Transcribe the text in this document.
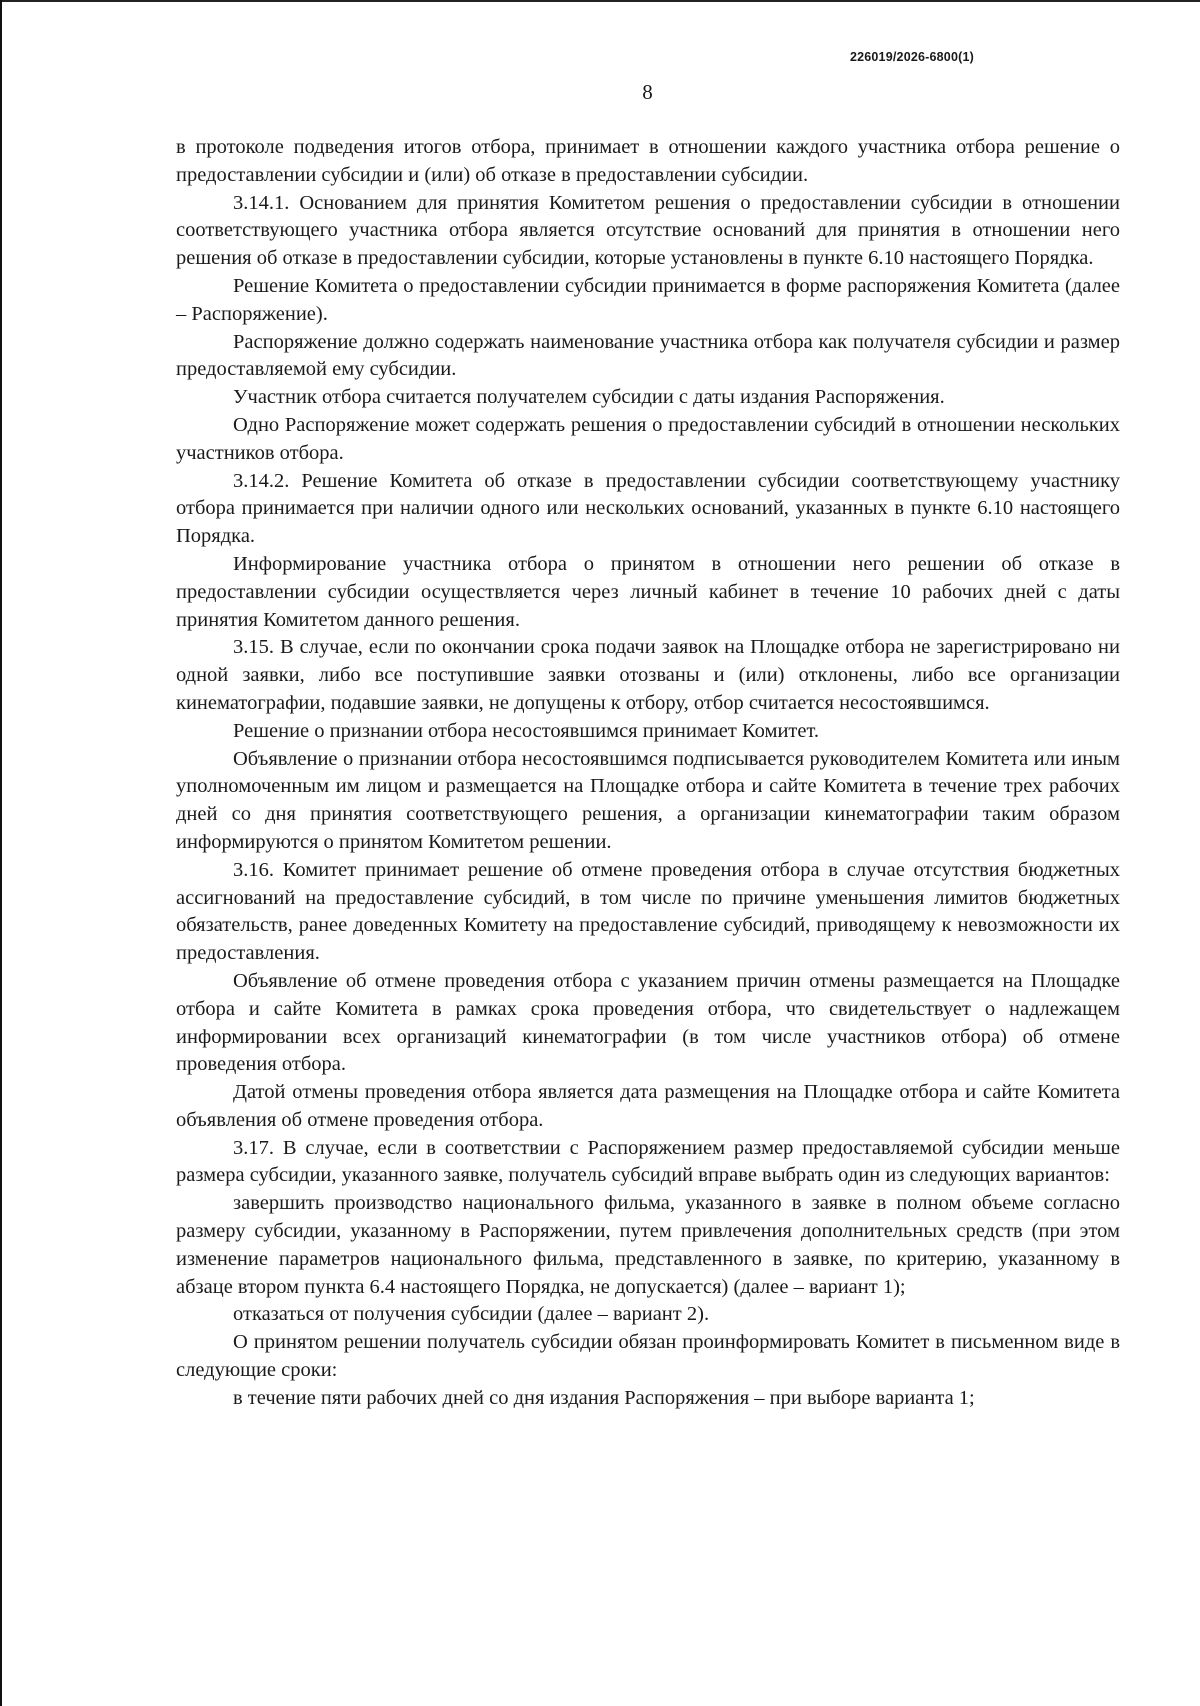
226019/2026-6800(1)
8

в протоколе подведения итогов отбора, принимает в отношении каждого участника отбора решение о предоставлении субсидии и (или) об отказе в предоставлении субсидии.

3.14.1. Основанием для принятия Комитетом решения о предоставлении субсидии в отношении соответствующего участника отбора является отсутствие оснований для принятия в отношении него решения об отказе в предоставлении субсидии, которые установлены в пункте 6.10 настоящего Порядка.

Решение Комитета о предоставлении субсидии принимается в форме распоряжения Комитета (далее – Распоряжение).

Распоряжение должно содержать наименование участника отбора как получателя субсидии и размер предоставляемой ему субсидии.

Участник отбора считается получателем субсидии с даты издания Распоряжения.

Одно Распоряжение может содержать решения о предоставлении субсидий в отношении нескольких участников отбора.

3.14.2. Решение Комитета об отказе в предоставлении субсидии соответствующему участнику отбора принимается при наличии одного или нескольких оснований, указанных в пункте 6.10 настоящего Порядка.

Информирование участника отбора о принятом в отношении него решении об отказе в предоставлении субсидии осуществляется через личный кабинет в течение 10 рабочих дней с даты принятия Комитетом данного решения.

3.15. В случае, если по окончании срока подачи заявок на Площадке отбора не зарегистрировано ни одной заявки, либо все поступившие заявки отозваны и (или) отклонены, либо все организации кинематографии, подавшие заявки, не допущены к отбору, отбор считается несостоявшимся.

Решение о признании отбора несостоявшимся принимает Комитет.

Объявление о признании отбора несостоявшимся подписывается руководителем Комитета или иным уполномоченным им лицом и размещается на Площадке отбора и сайте Комитета в течение трех рабочих дней со дня принятия соответствующего решения, а организации кинематографии таким образом информируются о принятом Комитетом решении.

3.16. Комитет принимает решение об отмене проведения отбора в случае отсутствия бюджетных ассигнований на предоставление субсидий, в том числе по причине уменьшения лимитов бюджетных обязательств, ранее доведенных Комитету на предоставление субсидий, приводящему к невозможности их предоставления.

Объявление об отмене проведения отбора с указанием причин отмены размещается на Площадке отбора и сайте Комитета в рамках срока проведения отбора, что свидетельствует о надлежащем информировании всех организаций кинематографии (в том числе участников отбора) об отмене проведения отбора.

Датой отмены проведения отбора является дата размещения на Площадке отбора и сайте Комитета объявления об отмене проведения отбора.

3.17. В случае, если в соответствии с Распоряжением размер предоставляемой субсидии меньше размера субсидии, указанного заявке, получатель субсидий вправе выбрать один из следующих вариантов:

завершить производство национального фильма, указанного в заявке в полном объеме согласно размеру субсидии, указанному в Распоряжении, путем привлечения дополнительных средств (при этом изменение параметров национального фильма, представленного в заявке, по критерию, указанному в абзаце втором пункта 6.4 настоящего Порядка, не допускается) (далее – вариант 1);

отказаться от получения субсидии (далее – вариант 2).

О принятом решении получатель субсидии обязан проинформировать Комитет в письменном виде в следующие сроки:

в течение пяти рабочих дней со дня издания Распоряжения – при выборе варианта 1;
